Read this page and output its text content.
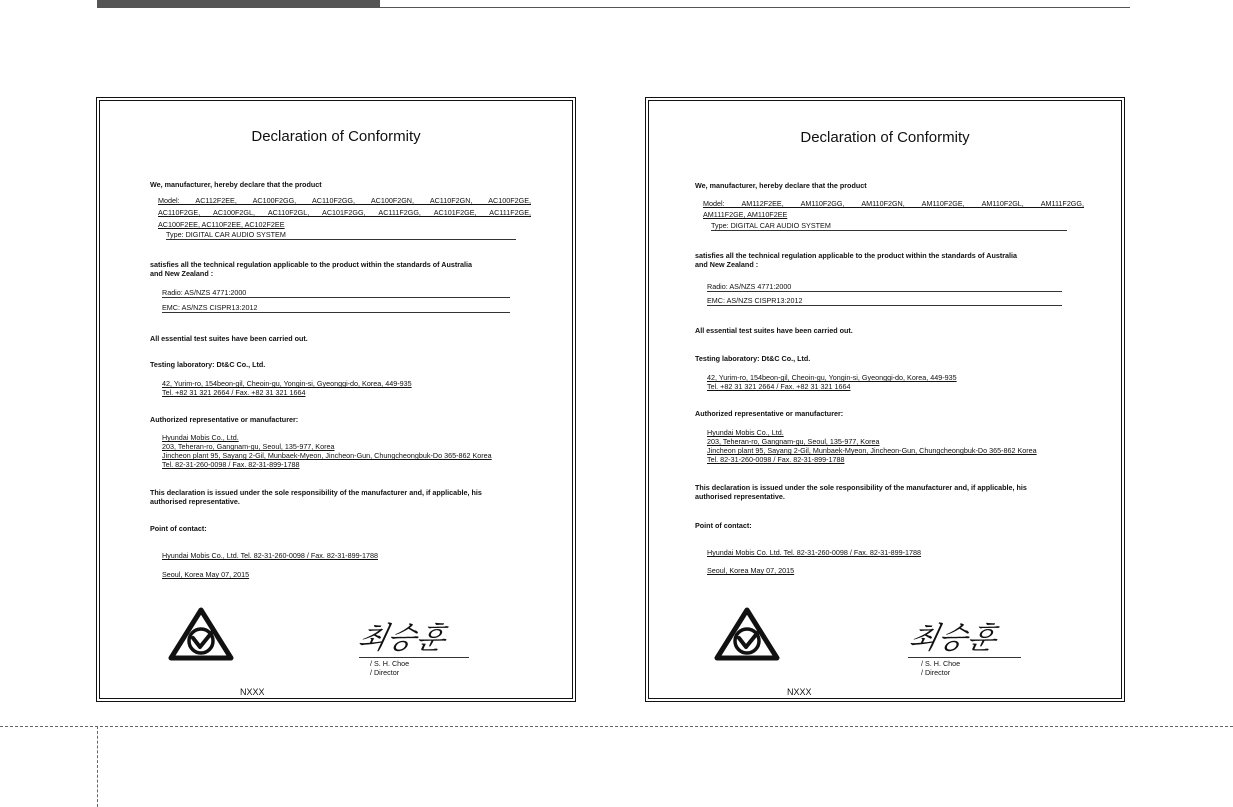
Declaration of Conformity
We, manufacturer, hereby declare that the product
Model: AC112F2EE, AC100F2GG, AC110F2GG, AC100F2GN, AC110F2GN, AC100F2GE,
AC110F2GE, AC100F2GL, AC110F2GL, AC101F2GG, AC111F2GG, AC101F2GE, AC111F2GE,
AC100F2EE, AC110F2EE, AC102F2EE
Type: DIGITAL CAR AUDIO SYSTEM
satisfies all the technical regulation applicable to the product within the standards of Australia
and New Zealand :
Radio: AS/NZS 4771:2000
EMC: AS/NZS CISPR13:2012
All essential test suites have been carried out.
Testing laboratory: Dt&C Co., Ltd.
42, Yurim-ro, 154beon-gil, Cheoin-gu, Yongin-si, Gyeonggi-do, Korea, 449-935
Tel. +82 31 321 2664 / Fax. +82 31 321 1664
Authorized representative or manufacturer:
Hyundai Mobis Co., Ltd.
203, Teheran-ro, Gangnam-gu, Seoul, 135-977, Korea
Jincheon plant 95, Sayang 2-Gil, Munbaek-Myeon, Jincheon-Gun, Chungcheongbuk-Do 365-862 Korea
Tel. 82-31-260-0098 / Fax. 82-31-899-1788
This declaration is issued under the sole responsibility of the manufacturer and, if applicable, his
authorised representative.
Point of contact:
Hyundai Mobis Co., Ltd. Tel. 82-31-260-0098 / Fax. 82-31-899-1788
Seoul, Korea May 07, 2015
최승훈
/ S. H. Choe
/ Director
NXXX
Declaration of Conformity
We, manufacturer, hereby declare that the product
Model: AM112F2EE, AM110F2GG, AM110F2GN, AM110F2GE, AM110F2GL, AM111F2GG,
AM111F2GE, AM110F2EE
Type: DIGITAL CAR AUDIO SYSTEM
satisfies all the technical regulation applicable to the product within the standards of Australia
and New Zealand :
Radio: AS/NZS 4771:2000
EMC: AS/NZS CISPR13:2012
All essential test suites have been carried out.
Testing laboratory: Dt&C Co., Ltd.
42, Yurim-ro, 154beon-gil, Cheoin-gu, Yongin-si, Gyeonggi-do, Korea, 449-935
Tel. +82 31 321 2664 / Fax. +82 31 321 1664
Authorized representative or manufacturer:
Hyundai Mobis Co., Ltd.
203, Teheran-ro, Gangnam-gu, Seoul, 135-977, Korea
Jincheon plant 95, Sayang 2-Gil, Munbaek-Myeon, Jincheon-Gun, Chungcheongbuk-Do 365-862 Korea
Tel. 82-31-260-0098 / Fax. 82-31-899-1788
This declaration is issued under the sole responsibility of the manufacturer and, if applicable, his
authorised representative.
Point of contact:
Hyundai Mobis Co. Ltd. Tel. 82-31-260-0098 / Fax. 82-31-899-1788
Seoul, Korea May 07, 2015
최승훈
/ S. H. Choe
/ Director
NXXX
